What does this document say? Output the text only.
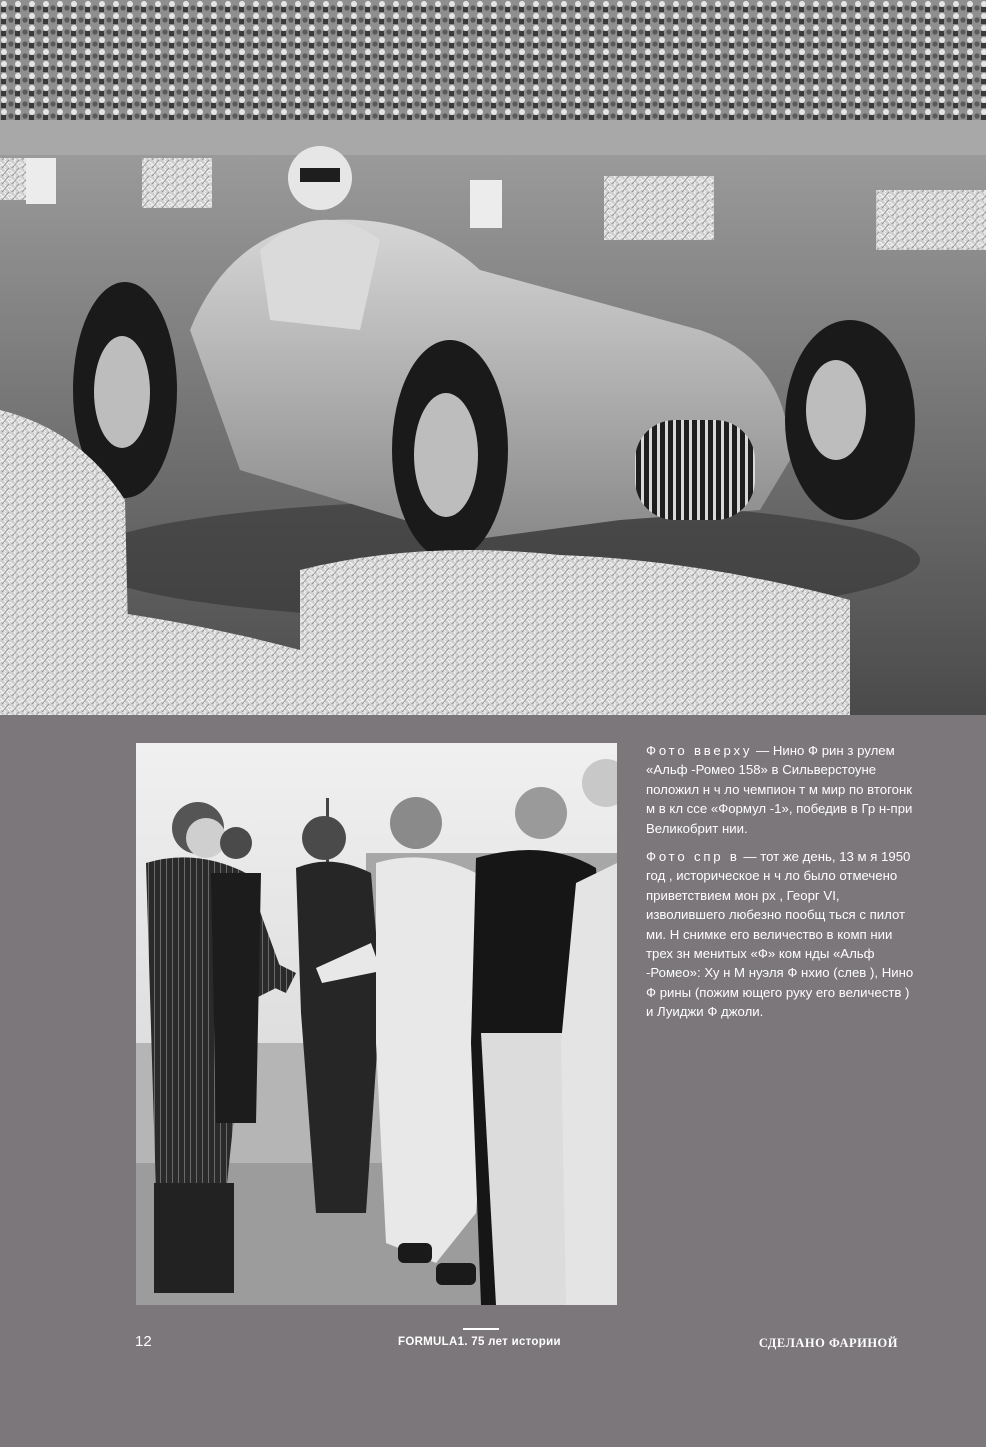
Фото вверху — Нино Ф рин з рулем «Альф -Ромео 158» в Сильверстоуне положил н ч ло чемпион т м мир по втогонк м в кл ссе «Формул -1», победив в Гр н-при Великобрит нии.

Фото спр в — тот же день, 13 м я 1950 год , историческое н ч ло было отмечено приветствием мон рх , Георг VI, изволившего любезно пообщ ться с пилот ми. Н снимке его величество в комп нии трех зн менитых «Ф» ком нды «Альф -Ромео»: Ху н М нуэля Ф нхио (слев ), Нино Ф рины (пожим ющего руку его величеств ) и Луиджи Ф джоли.

12	FORMULA1. 75 лет истории	СДЕЛАНО ФАРИНОЙ
